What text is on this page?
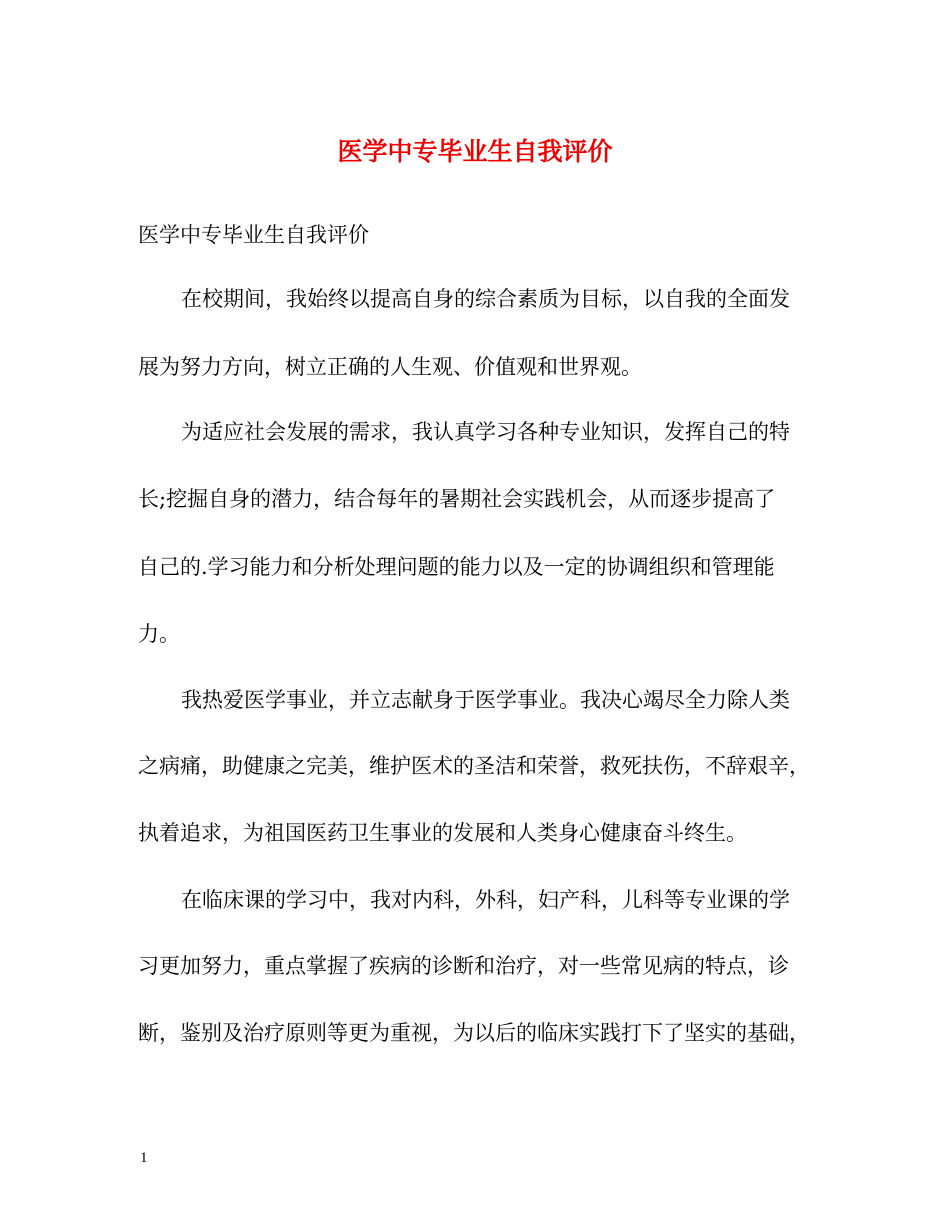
医学中专毕业生自我评价

医学中专毕业生自我评价

在校期间，我始终以提高自身的综合素质为目标，以自我的全面发

展为努力方向，树立正确的人生观、价值观和世界观。

为适应社会发展的需求，我认真学习各种专业知识，发挥自己的特

长;挖掘自身的潜力，结合每年的暑期社会实践机会，从而逐步提高了

自己的.学习能力和分析处理问题的能力以及一定的协调组织和管理能

力。

我热爱医学事业，并立志献身于医学事业。我决心竭尽全力除人类

之病痛，助健康之完美，维护医术的圣洁和荣誉，救死扶伤，不辞艰辛，

执着追求，为祖国医药卫生事业的发展和人类身心健康奋斗终生。

在临床课的学习中，我对内科，外科，妇产科，儿科等专业课的学

习更加努力，重点掌握了疾病的诊断和治疗，对一些常见病的特点，诊

断，鉴别及治疗原则等更为重视，为以后的临床实践打下了坚实的基础，

1
